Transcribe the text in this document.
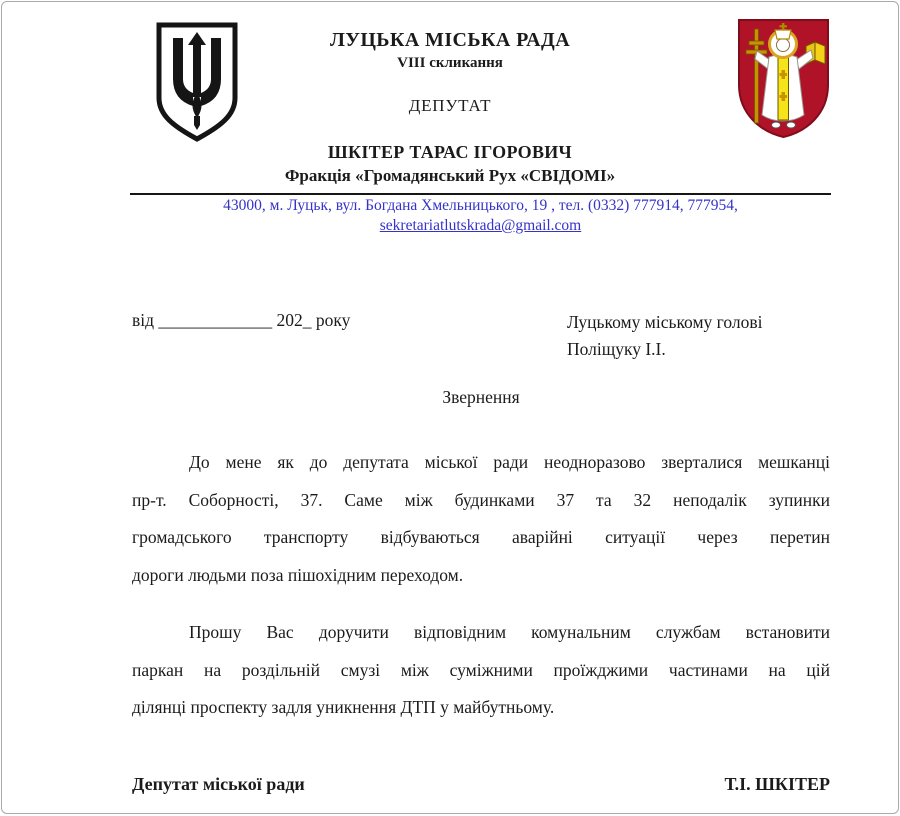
ЛУЦЬКА МІСЬКА РАДА
VIII скликання
ДЕПУТАТ
ШКІТЕР ТАРАС ІГОРОВИЧ
Фракція «Громадянський Рух «СВІДОМІ»
43000, м. Луцьк, вул. Богдана Хмельницького, 19 , тел. (0332) 777914, 777954,
sekretariatlutskrada@gmail.com
від _____________ 202_ року	Луцькому міському голові
Поліщуку І.І.
Звернення
До мене як до депутата міської ради неодноразово зверталися мешканці
пр-т. Соборності, 37. Саме між будинками 37 та 32 неподалік зупинки
громадського транспорту відбуваються аварійні ситуації через перетин
дороги людьми поза пішохідним переходом.
Прошу Вас доручити відповідним комунальним службам встановити
паркан на роздільній смузі між суміжними проїжджими частинами на цій
ділянці проспекту задля уникнення ДТП у майбутньому.
Депутат міської ради	Т.І. ШКІТЕР
